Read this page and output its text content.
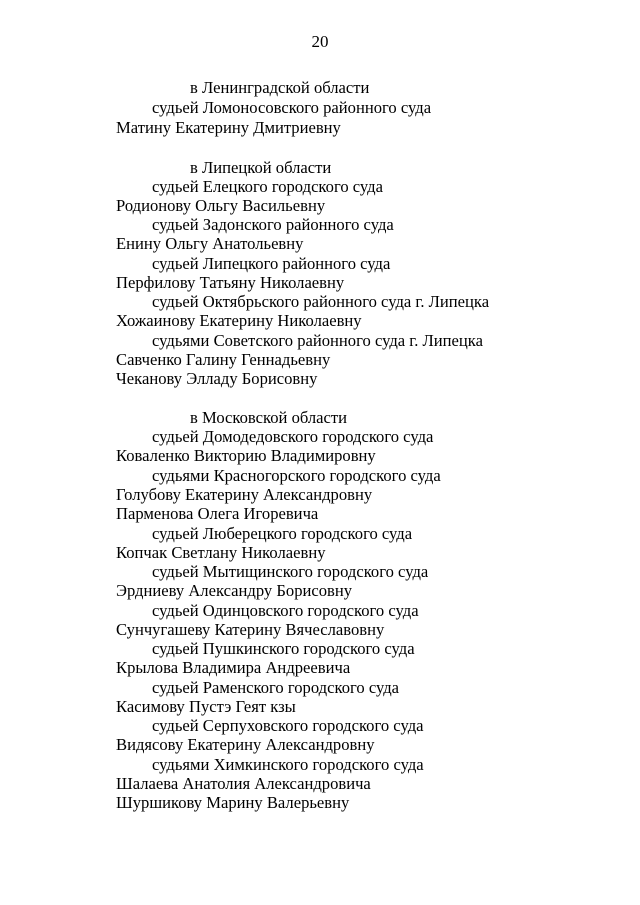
20
в Ленинградской области
судьей Ломоносовского районного суда
Матину Екатерину Дмитриевну
в Липецкой области
судьей Елецкого городского суда
Родионову Ольгу Васильевну
судьей Задонского районного суда
Енину Ольгу Анатольевну
судьей Липецкого районного суда
Перфилову Татьяну Николаевну
судьей Октябрьского районного суда г. Липецка
Хожаинову Екатерину Николаевну
судьями Советского районного суда г. Липецка
Савченко Галину Геннадьевну
Чеканову Элладу Борисовну
в Московской области
судьей Домодедовского городского суда
Коваленко Викторию Владимировну
судьями Красногорского городского суда
Голубову Екатерину Александровну
Парменова Олега Игоревича
судьей Люберецкого городского суда
Копчак Светлану Николаевну
судьей Мытищинского городского суда
Эрдниеву Александру Борисовну
судьей Одинцовского городского суда
Сунчугашеву Катерину Вячеславовну
судьей Пушкинского городского суда
Крылова Владимира Андреевича
судьей Раменского городского суда
Касимову Пустэ Геят кзы
судьей Серпуховского городского суда
Видясову Екатерину Александровну
судьями Химкинского городского суда
Шалаева Анатолия Александровича
Шуршикову Марину Валерьевну
